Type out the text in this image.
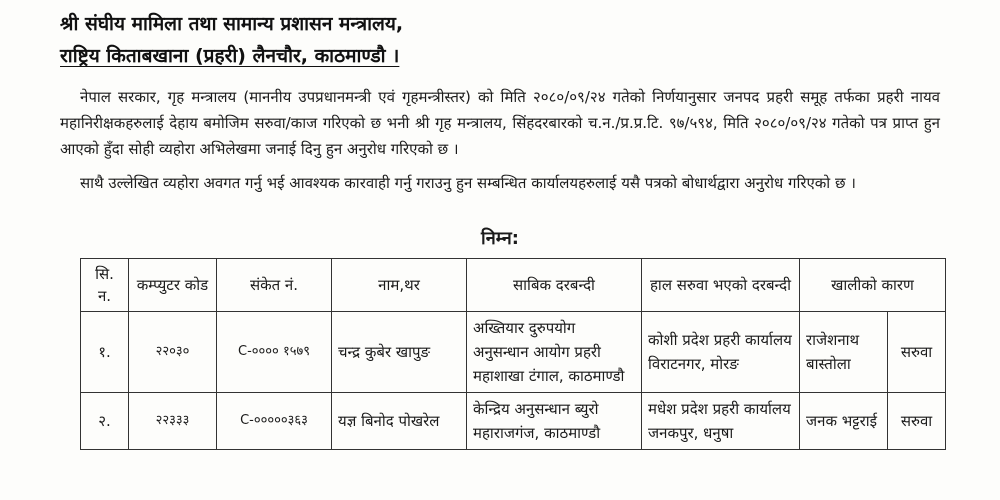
श्री संघीय मामिला तथा सामान्य प्रशासन मन्त्रालय,
राष्ट्रिय किताबखाना (प्रहरी) लैनचौर, काठमाण्डौ ।
नेपाल सरकार, गृह मन्त्रालय (माननीय उपप्रधानमन्त्री एवं गृहमन्त्रीस्तर) को मिति २०८०/०९/२४ गतेको निर्णयानुसार जनपद प्रहरी समूह तर्फका प्रहरी नायव महानिरीक्षकहरुलाई देहाय बमोजिम सरुवा/काज गरिएको छ भनी श्री गृह मन्त्रालय, सिंहदरबारको च.न./प्र.प्र.टि. ९७/५९४, मिति २०८०/०९/२४ गतेको पत्र प्राप्त हुन आएको हुँदा सोही व्यहोरा अभिलेखमा जनाई दिनु हुन अनुरोध गरिएको छ ।
साथै उल्लेखित व्यहोरा अवगत गर्नु भई आवश्यक कारवाही गर्नु गराउनु हुन सम्बन्धित कार्यालयहरुलाई यसै पत्रको बोधार्थद्वारा अनुरोध गरिएको छ ।
निम्न:
सि. न.	कम्प्युटर कोड	संकेत नं.	नाम,थर	साबिक दरबन्दी	हाल सरुवा भएको दरबन्दी	खालीको कारण	
१.	२२०३०	C-०००० १५७९	चन्द्र कुबेर खापुङ	अख्तियार दुरुपयोग अनुसन्धान आयोग प्रहरी महाशाखा टंगाल, काठमाण्डौ	कोशी प्रदेश प्रहरी कार्यालय विराटनगर, मोरङ	राजेशनाथ बास्तोला	सरुवा
२.	२२३३३	C-०००००३६३	यज्ञ बिनोद पोखरेल	केन्द्रिय अनुसन्धान ब्युरो महाराजगंज, काठमाण्डौ	मधेश प्रदेश प्रहरी कार्यालय जनकपुर, धनुषा	जनक भट्टराई	सरुवा
